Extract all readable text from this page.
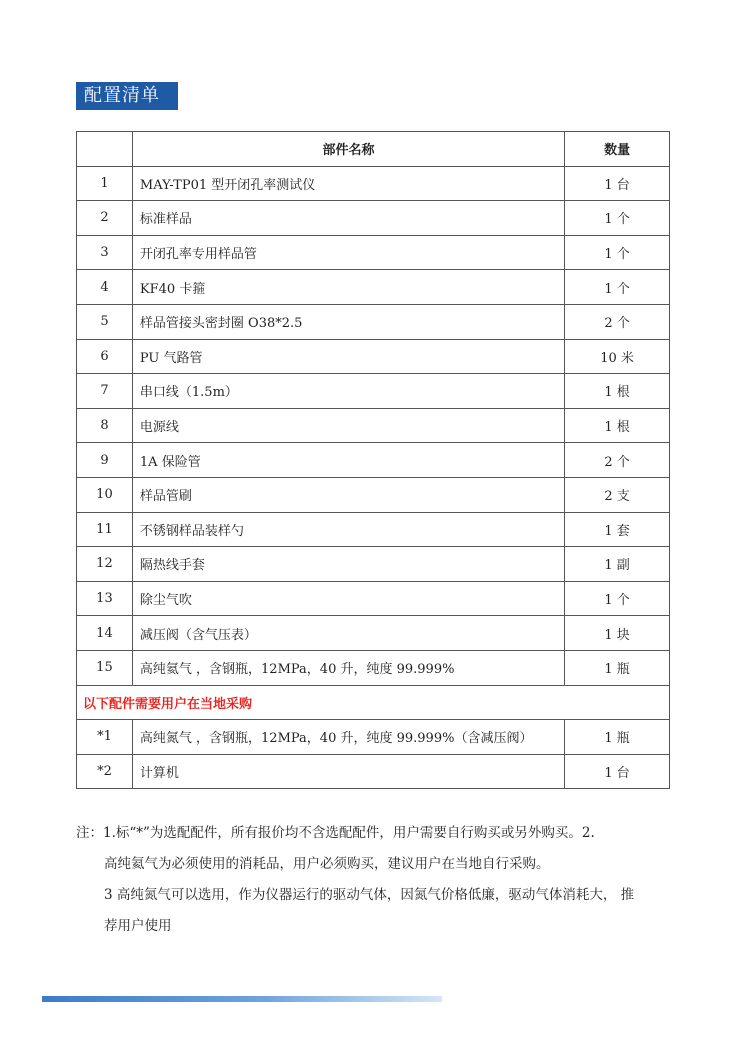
配置清单
	部件名称	数量
1	MAY-TP01 型开闭孔率测试仪	1 台
2	标准样品	1 个
3	开闭孔率专用样品管	1 个
4	KF40 卡箍	1 个
5	样品管接头密封圈 O38*2.5	2 个
6	PU 气路管	10 米
7	串口线（1.5m）	1 根
8	电源线	1 根
9	1A 保险管	2 个
10	样品管刷	2 支
11	不锈钢样品装样勺	1 套
12	隔热线手套	1 副
13	除尘气吹	1 个
14	减压阀（含气压表）	1 块
15	高纯氦气 ，含钢瓶，12MPa，40 升，纯度 99.999%	1 瓶
以下配件需要用户在当地采购		
*1	高纯氮气 ，含钢瓶，12MPa，40 升，纯度 99.999%（含减压阀）	1 瓶
*2	计算机	1 台

注：1.标“*”为选配配件，所有报价均不含选配配件，用户需要自行购买或另外购买。2.

高纯氦气为必须使用的消耗品，用户必须购买，建议用户在当地自行采购。

3 高纯氮气可以选用，作为仪器运行的驱动气体，因氮气价格低廉，驱动气体消耗大， 推

荐用户使用
